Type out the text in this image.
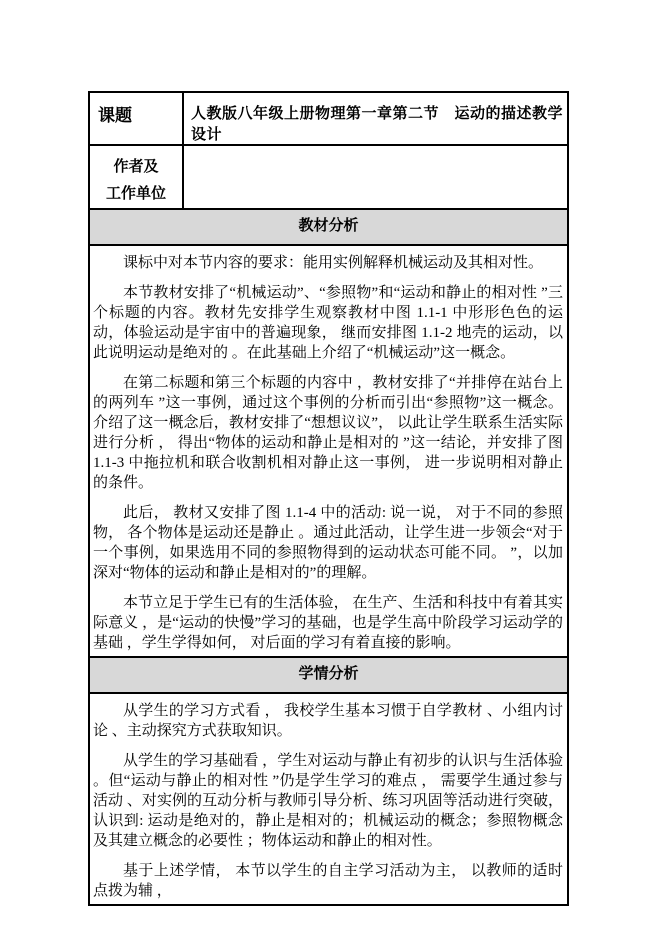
课题	人教版八年级上册物理第一章第二节　运动的描述教学设计

作者及
工作单位	

教材分析	

课标中对本节内容的要求：能用实例解释机械运动及其相对性。

本节教材安排了“机械运动”、“参照物”和“运动和静止的相对性 ”三个标题的内容。教材先安排学生观察教材中图 1.1-1 中形形色色的运动，体验运动是宇宙中的普遍现象， 继而安排图 1.1-2 地壳的运动，以此说明运动是绝对的 。在此基础上介绍了“机械运动”这一概念。

在第二标题和第三个标题的内容中 ，教材安排了“并排停在站台上的两列车 ”这一事例，通过这个事例的分析而引出“参照物”这一概念。介绍了这一概念后，教材安排了“想想议议”， 以此让学生联系生活实际进行分析 ， 得出“物体的运动和静止是相对的 ”这一结论，并安排了图 1.1-3 中拖拉机和联合收割机相对静止这一事例， 进一步说明相对静止的条件。

此后， 教材又安排了图 1.1-4 中的活动: 说一说， 对于不同的参照物， 各个物体是运动还是静止 。通过此活动，让学生进一步领会“对于一个事例，如果选用不同的参照物得到的运动状态可能不同。 ”，以加深对“物体的运动和静止是相对的”的理解。

本节立足于学生已有的生活体验， 在生产、生活和科技中有着其实际意义 ，是“运动的快慢”学习的基础，也是学生高中阶段学习运动学的基础 ，学生学得如何， 对后面的学习有着直接的影响。	

学情分析	

从学生的学习方式看 ， 我校学生基本习惯于自学教材 、小组内讨论 、主动探究方式获取知识。

从学生的学习基础看 ，学生对运动与静止有初步的认识与生活体验 。但“运动与静止的相对性 ”仍是学生学习的难点 ， 需要学生通过参与活动 、对实例的互动分析与教师引导分析、练习巩固等活动进行突破， 认识到: 运动是绝对的，静止是相对的；机械运动的概念；参照物概念及其建立概念的必要性 ；物体运动和静止的相对性。

基于上述学情， 本节以学生的自主学习活动为主， 以教师的适时点拨为辅 ，	
